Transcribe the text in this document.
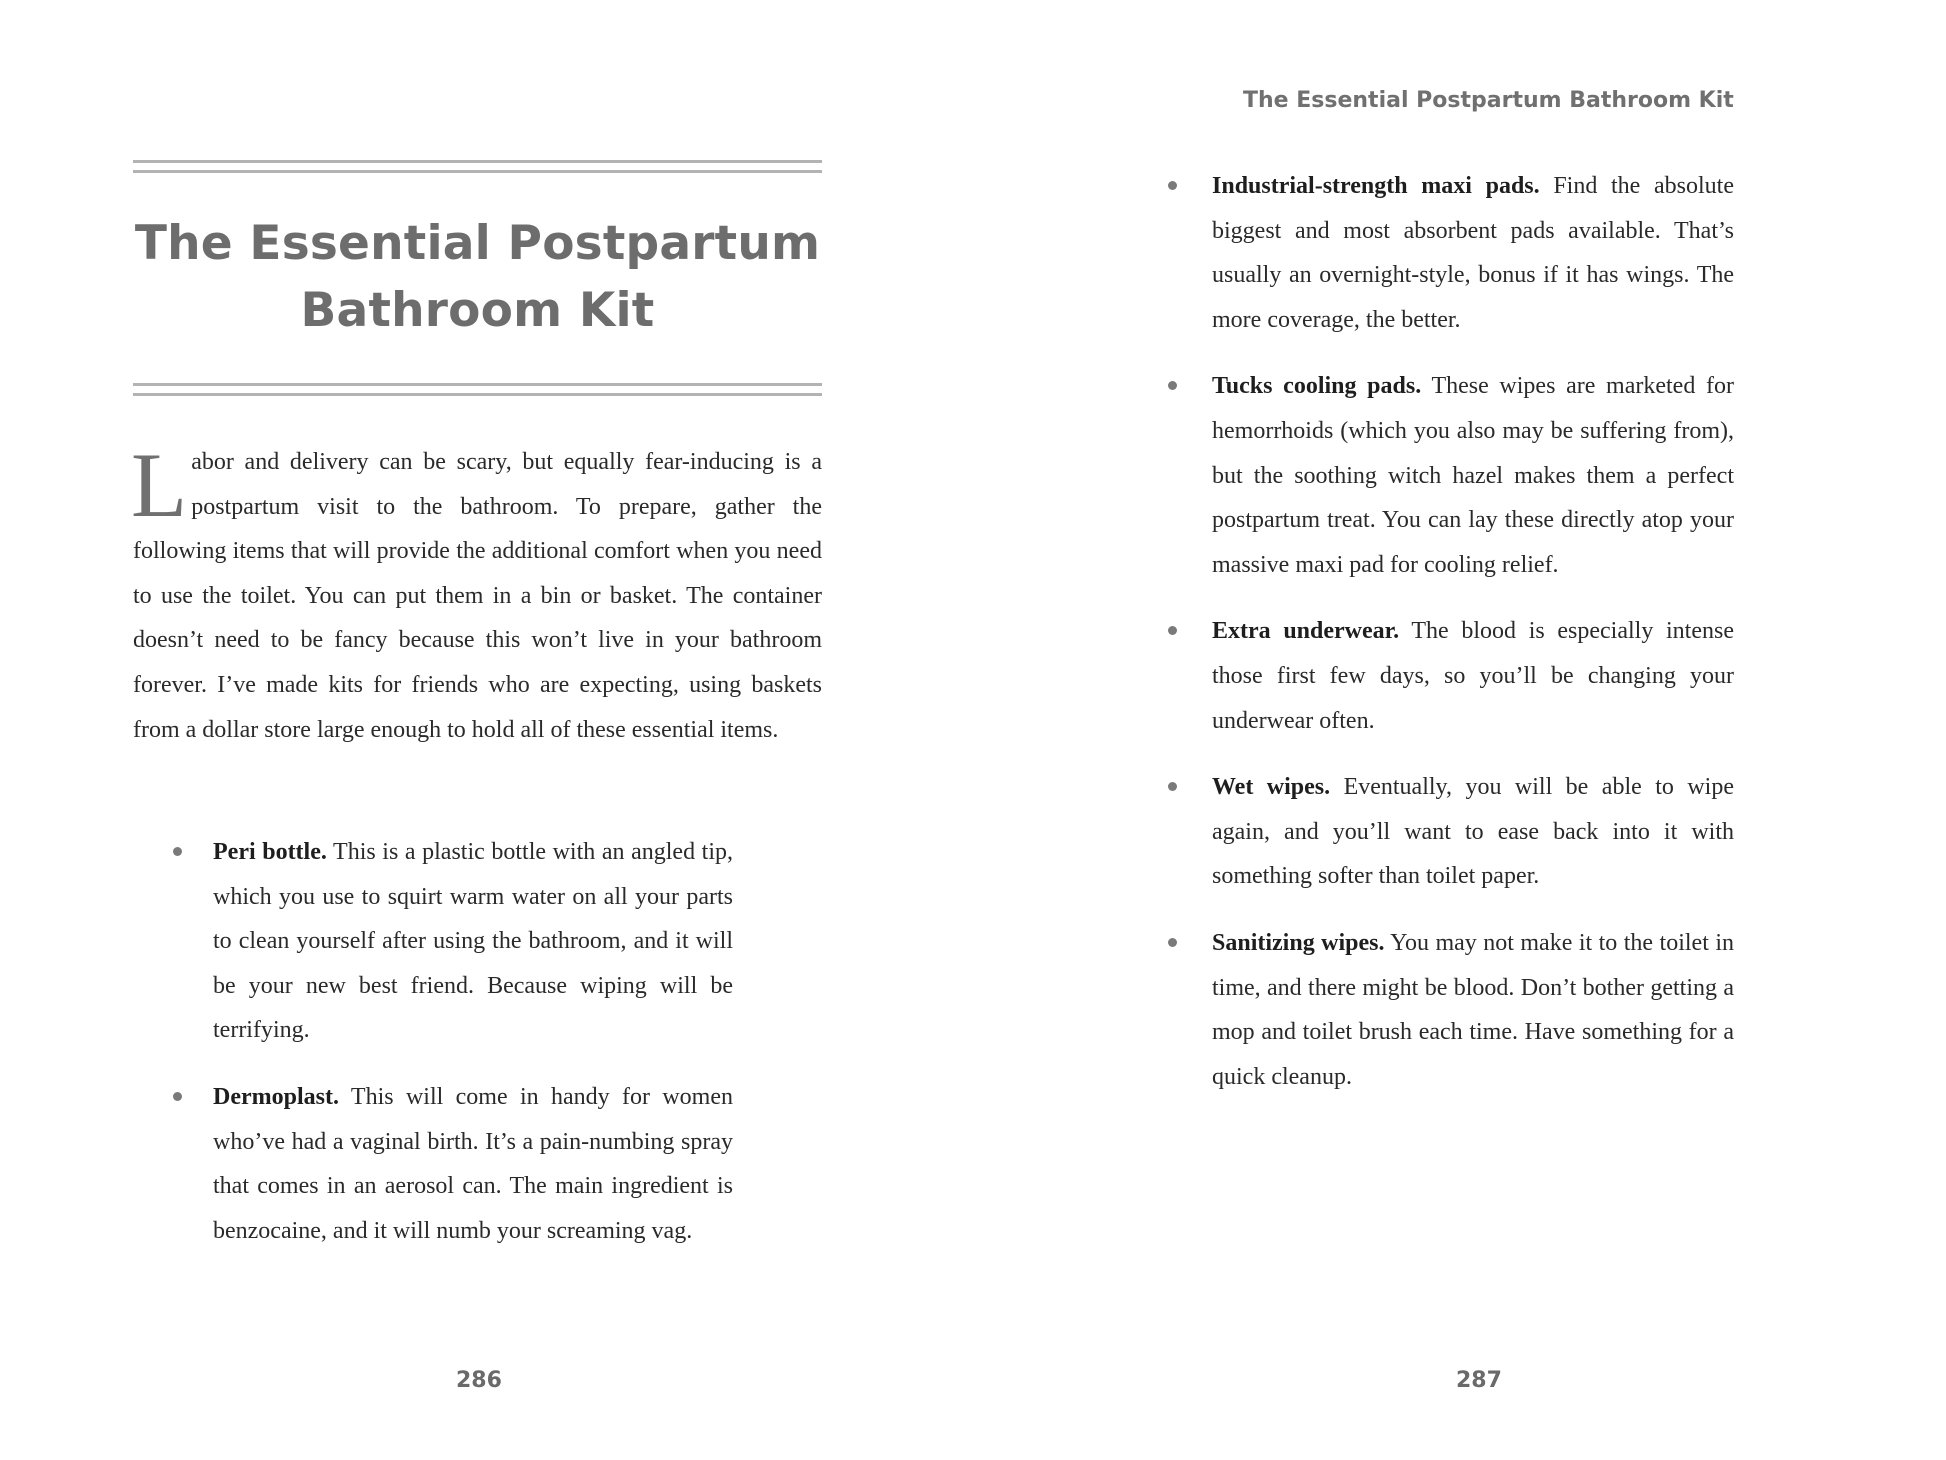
The Essential Postpartum
Bathroom Kit

Labor and delivery can be scary, but equally fear-inducing is a postpartum visit to the bathroom. To prepare, gather the following items that will provide the additional comfort when you need to use the toilet. You can put them in a bin or basket. The container doesn’t need to be fancy because this won’t live in your bathroom forever. I’ve made kits for friends who are expecting, using baskets from a dollar store large enough to hold all of these essential items.

Peri bottle. This is a plastic bottle with an angled tip, which you use to squirt warm water on all your parts to clean yourself after using the bathroom, and it will be your new best friend. Because wiping will be terrifying.
Dermoplast. This will come in handy for women who’ve had a vaginal birth. It’s a pain-numbing spray that comes in an aerosol can. The main ingredient is benzocaine, and it will numb your screaming vag.
286
The Essential Postpartum Bathroom Kit
Industrial-strength maxi pads. Find the absolute biggest and most absorbent pads available. That’s usually an overnight-style, bonus if it has wings. The more coverage, the better.
Tucks cooling pads. These wipes are marketed for hemorrhoids (which you also may be suffering from), but the soothing witch hazel makes them a perfect postpartum treat. You can lay these directly atop your massive maxi pad for cooling relief.
Extra underwear. The blood is especially intense those first few days, so you’ll be changing your underwear often.
Wet wipes. Eventually, you will be able to wipe again, and you’ll want to ease back into it with something softer than toilet paper.
Sanitizing wipes. You may not make it to the toilet in time, and there might be blood. Don’t bother getting a mop and toilet brush each time. Have something for a quick cleanup.
287
